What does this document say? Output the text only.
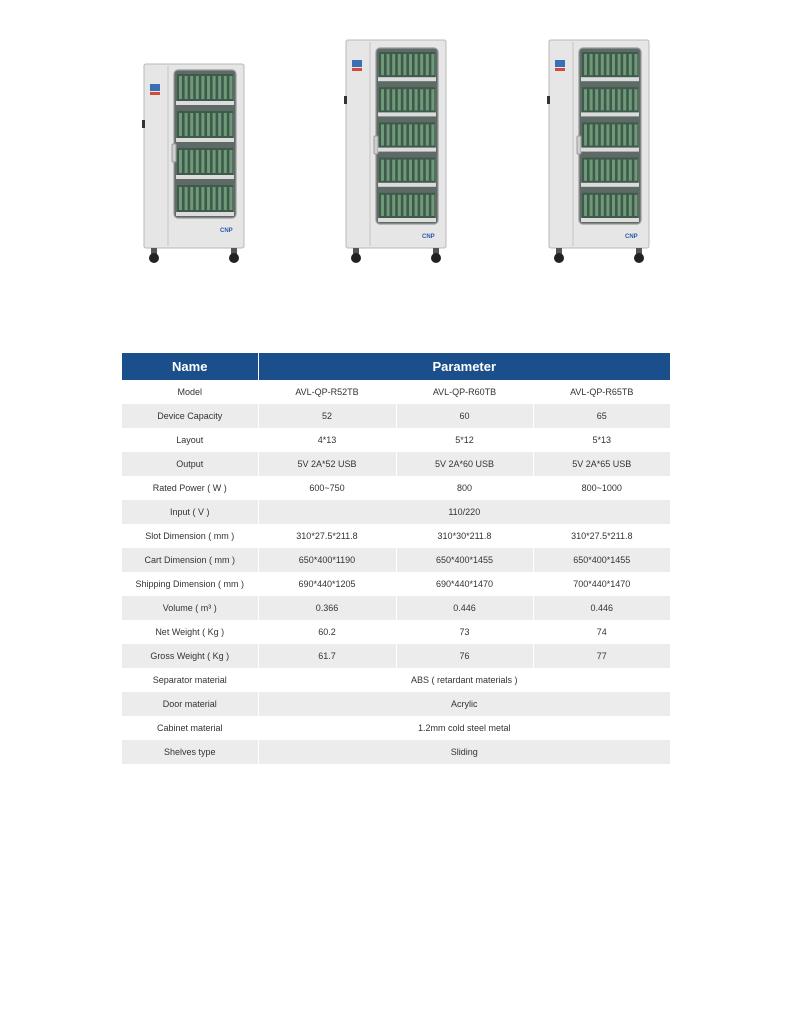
CNP
CNP	CNP
Name	Parameter		
Model	AVL-QP-R52TB	AVL-QP-R60TB	AVL-QP-R65TB
Device Capacity	52	60	65
Layout	4*13	5*12	5*13
Output	5V 2A*52 USB	5V 2A*60 USB	5V 2A*65 USB
Rated Power ( W )	600~750	800	800~1000
Input ( V )	110/220		
Slot Dimension ( mm )	310*27.5*211.8	310*30*211.8	310*27.5*211.8
Cart Dimension ( mm )	650*400*1190	650*400*1455	650*400*1455
Shipping Dimension ( mm )	690*440*1205	690*440*1470	700*440*1470
Volume ( m³ )	0.366	0.446	0.446
Net Weight ( Kg )	60.2	73	74
Gross Weight ( Kg )	61.7	76	77
Separator material	ABS ( retardant materials )		
Door material	Acrylic		
Cabinet material	1.2mm cold steel metal		
Shelves type	Sliding		
